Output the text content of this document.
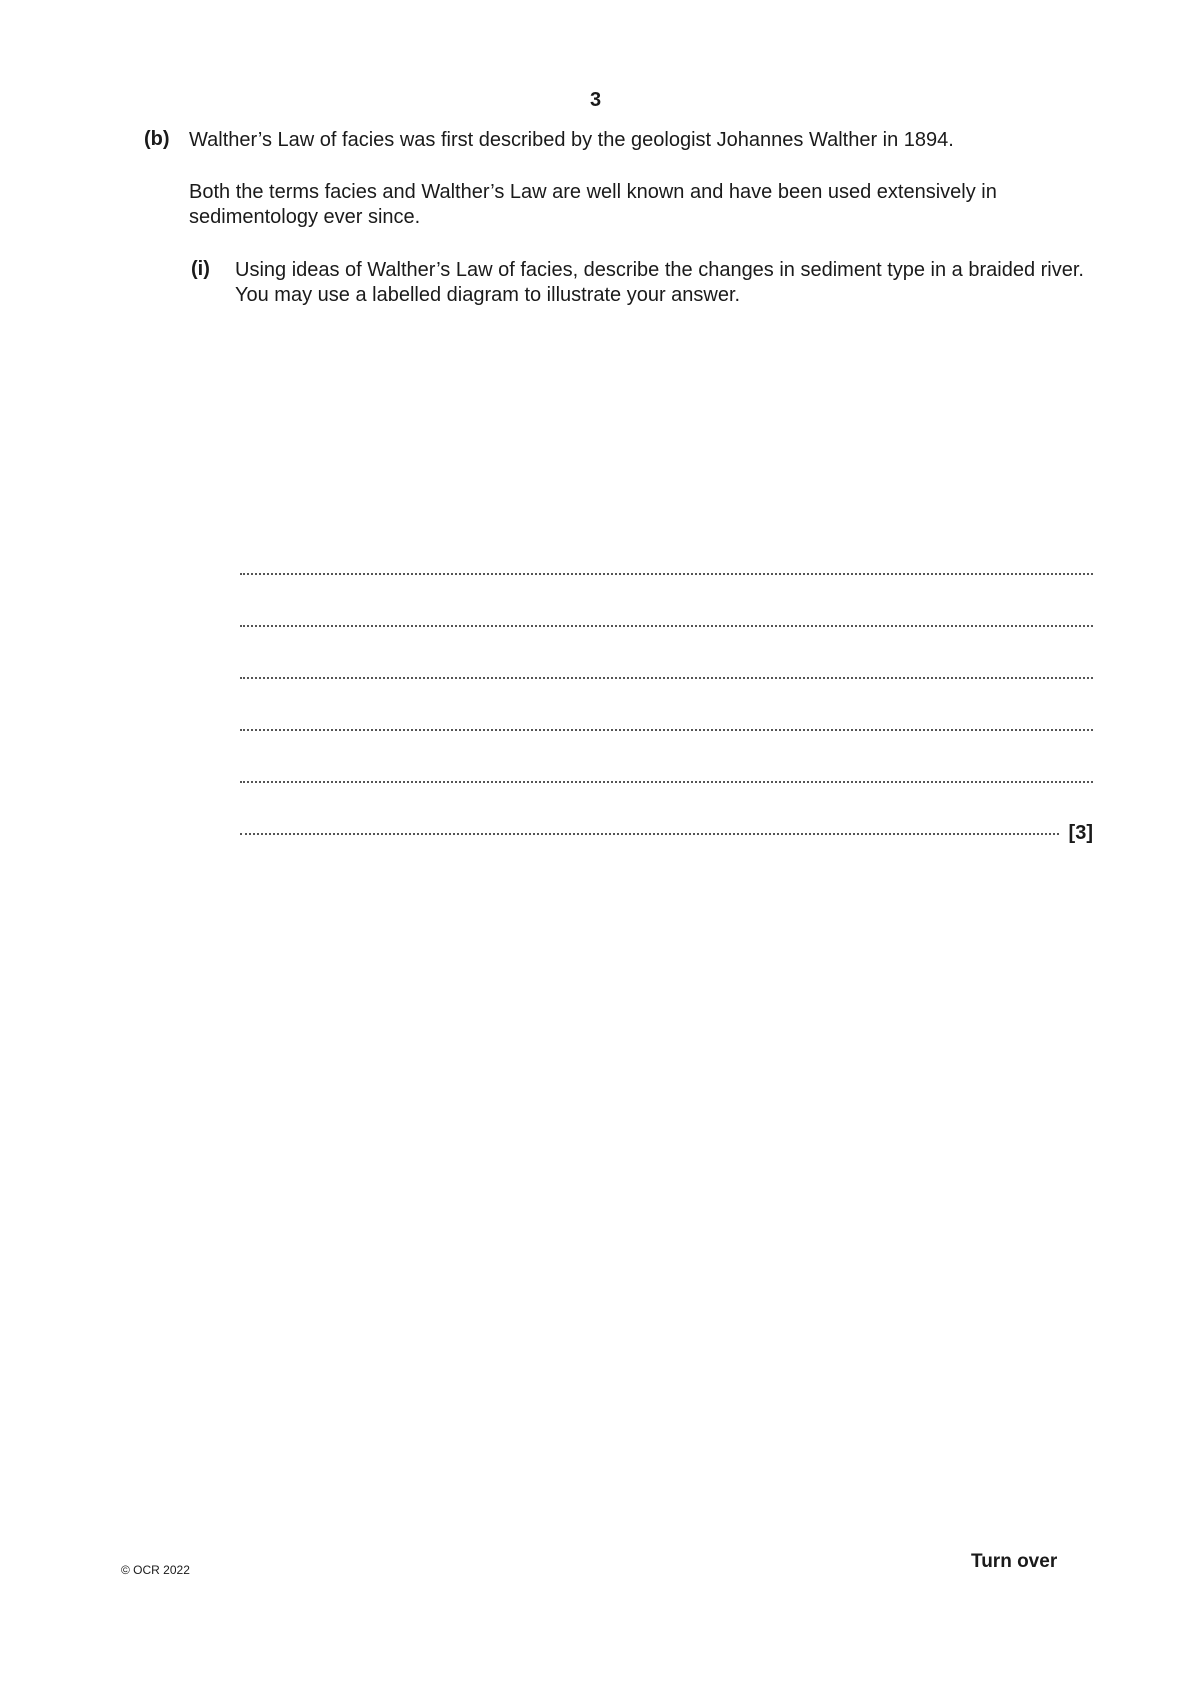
3
(b) Walther’s Law of facies was first described by the geologist Johannes Walther in 1894.
Both the terms facies and Walther’s Law are well known and have been used extensively in sedimentology ever since.
(i) Using ideas of Walther’s Law of facies, describe the changes in sediment type in a braided river. You may use a labelled diagram to illustrate your answer.
[3]
© OCR 2022	Turn over
